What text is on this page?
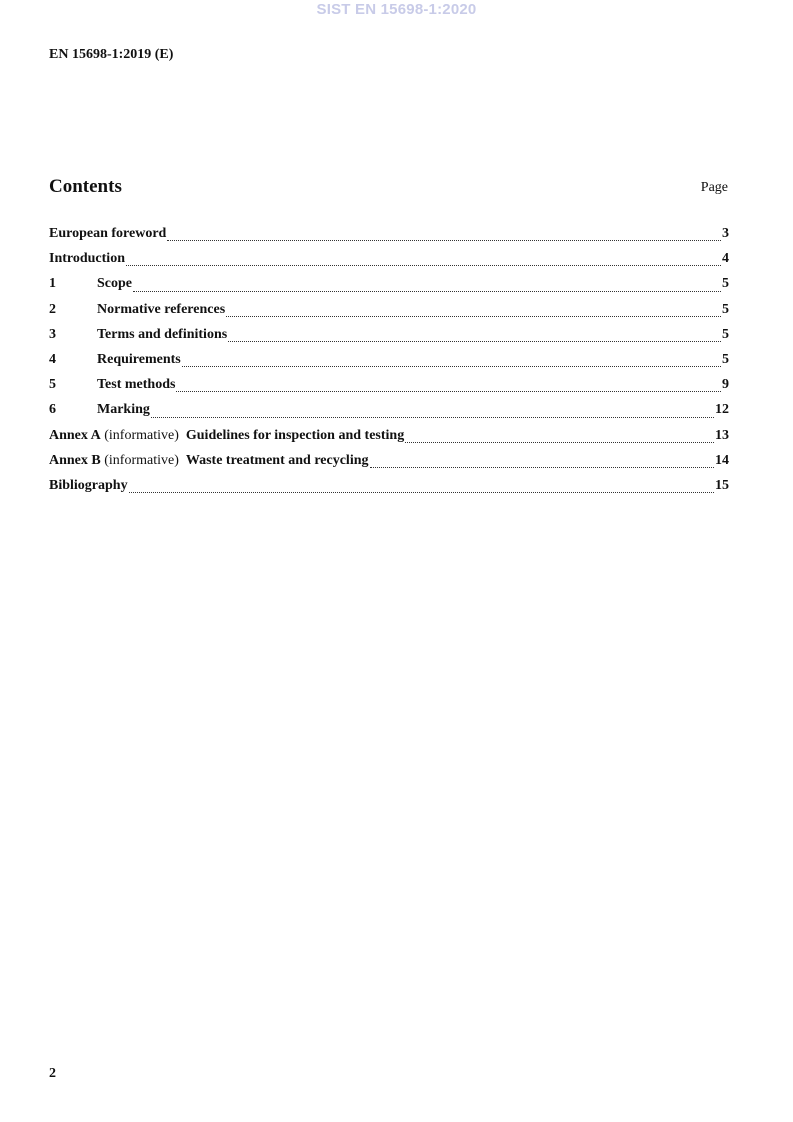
SIST EN 15698-1:2020
EN 15698-1:2019 (E)
Contents	Page
European foreword	3
Introduction	4
1	Scope	5
2	Normative references	5
3	Terms and definitions	5
4	Requirements	5
5	Test methods	9
6	Marking	12
Annex A (informative)  Guidelines for inspection and testing	13
Annex B (informative)  Waste treatment and recycling	14
Bibliography	15
2
